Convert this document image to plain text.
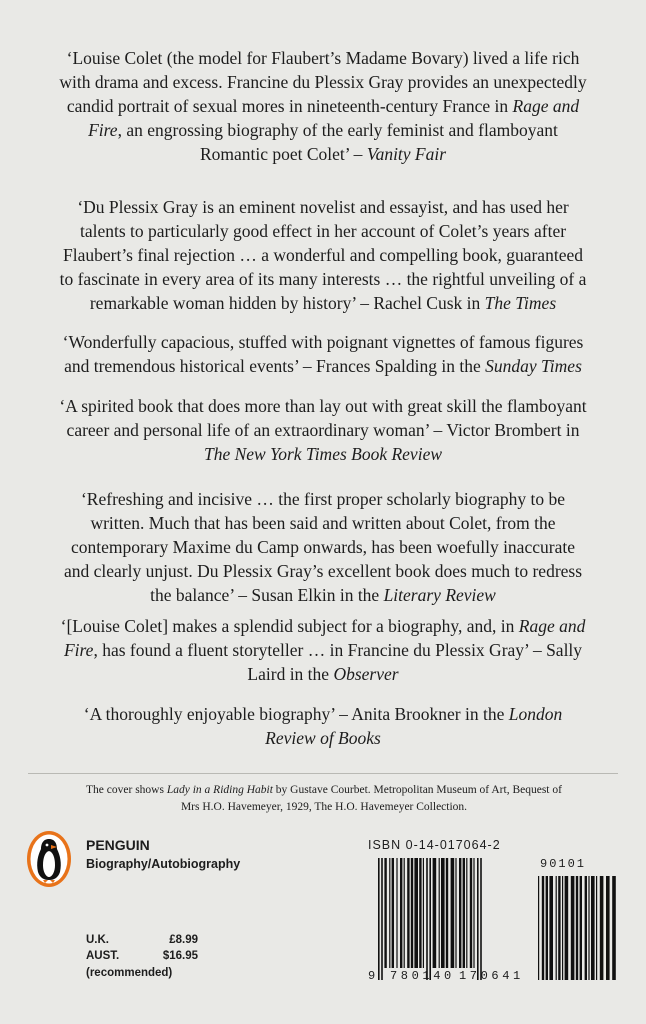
‘Louise Colet (the model for Flaubert’s Madame Bovary) lived a life rich
with drama and excess. Francine du Plessix Gray provides an unexpectedly
candid portrait of sexual mores in nineteenth-century France in Rage and
Fire, an engrossing biography of the early feminist and flamboyant
Romantic poet Colet’ – Vanity Fair
‘Du Plessix Gray is an eminent novelist and essayist, and has used her
talents to particularly good effect in her account of Colet’s years after
Flaubert’s final rejection … a wonderful and compelling book, guaranteed
to fascinate in every area of its many interests … the rightful unveiling of a
remarkable woman hidden by history’ – Rachel Cusk in The Times
‘Wonderfully capacious, stuffed with poignant vignettes of famous figures
and tremendous historical events’ – Frances Spalding in the Sunday Times
‘A spirited book that does more than lay out with great skill the flamboyant
career and personal life of an extraordinary woman’ – Victor Brombert in
The New York Times Book Review
‘Refreshing and incisive … the first proper scholarly biography to be
written. Much that has been said and written about Colet, from the
contemporary Maxime du Camp onwards, has been woefully inaccurate
and clearly unjust. Du Plessix Gray’s excellent book does much to redress
the balance’ – Susan Elkin in the Literary Review
‘[Louise Colet] makes a splendid subject for a biography, and, in Rage and
Fire, has found a fluent storyteller … in Francine du Plessix Gray’ – Sally
Laird in the Observer
‘A thoroughly enjoyable biography’ – Anita Brookner in the London
Review of Books
The cover shows Lady in a Riding Habit by Gustave Courbet. Metropolitan Museum of Art, Bequest of
Mrs H.O. Havemeyer, 1929, The H.O. Havemeyer Collection.
PENGUIN
Biography/Autobiography
U.K.	£8.99
AUST.	$16.95
(recommended)
ISBN 0-14-017064-2
90101
9 780140 170641
